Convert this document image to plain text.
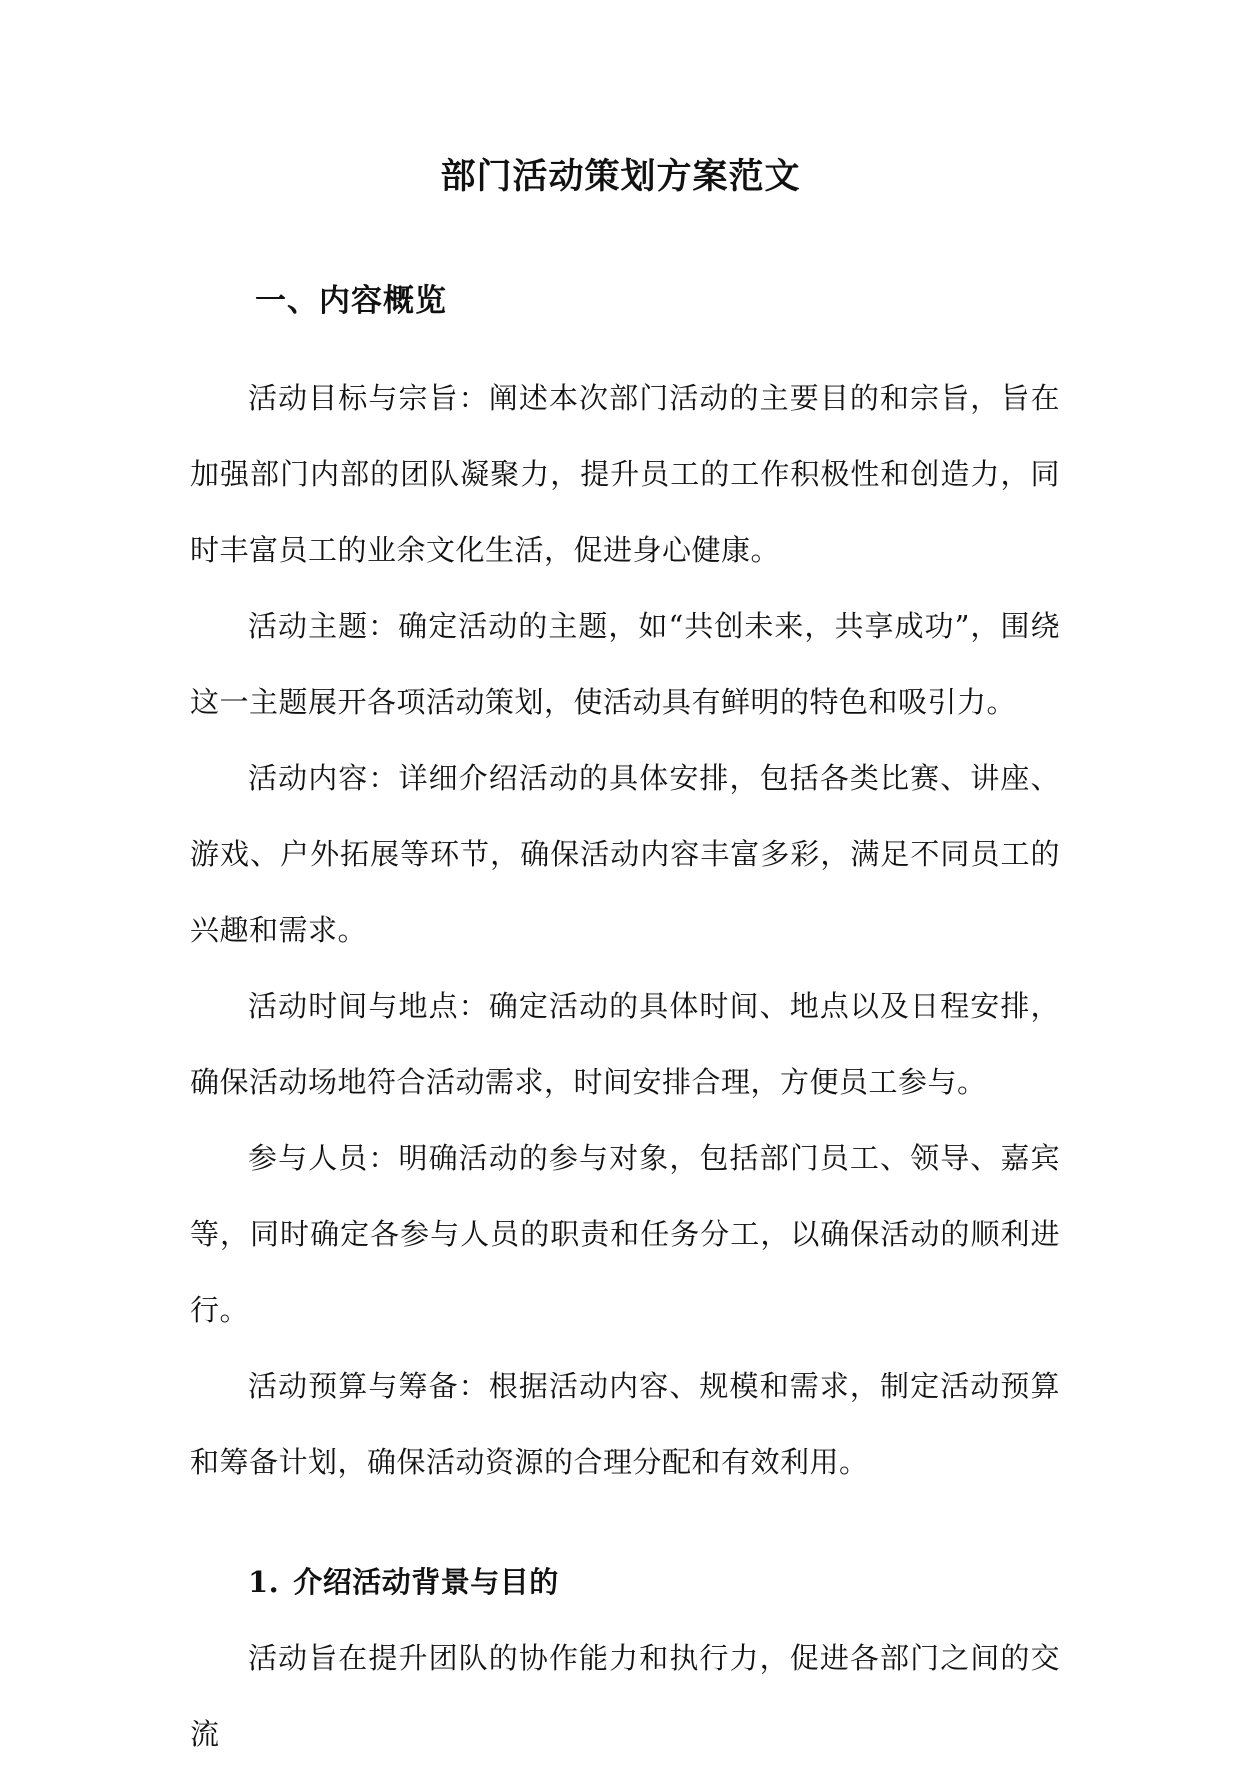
部门活动策划方案范文
一、内容概览

活动目标与宗旨：阐述本次部门活动的主要目的和宗旨，旨在加强部门内部的团队凝聚力，提升员工的工作积极性和创造力，同时丰富员工的业余文化生活，促进身心健康。

活动主题：确定活动的主题，如“共创未来，共享成功”，围绕这一主题展开各项活动策划，使活动具有鲜明的特色和吸引力。

活动内容：详细介绍活动的具体安排，包括各类比赛、讲座、游戏、户外拓展等环节，确保活动内容丰富多彩，满足不同员工的兴趣和需求。

活动时间与地点：确定活动的具体时间、地点以及日程安排，确保活动场地符合活动需求，时间安排合理，方便员工参与。

参与人员：明确活动的参与对象，包括部门员工、领导、嘉宾等，同时确定各参与人员的职责和任务分工，以确保活动的顺利进行。

活动预算与筹备：根据活动内容、规模和需求，制定活动预算和筹备计划，确保活动资源的合理分配和有效利用。

1. 介绍活动背景与目的

活动旨在提升团队的协作能力和执行力，促进各部门之间的交流
